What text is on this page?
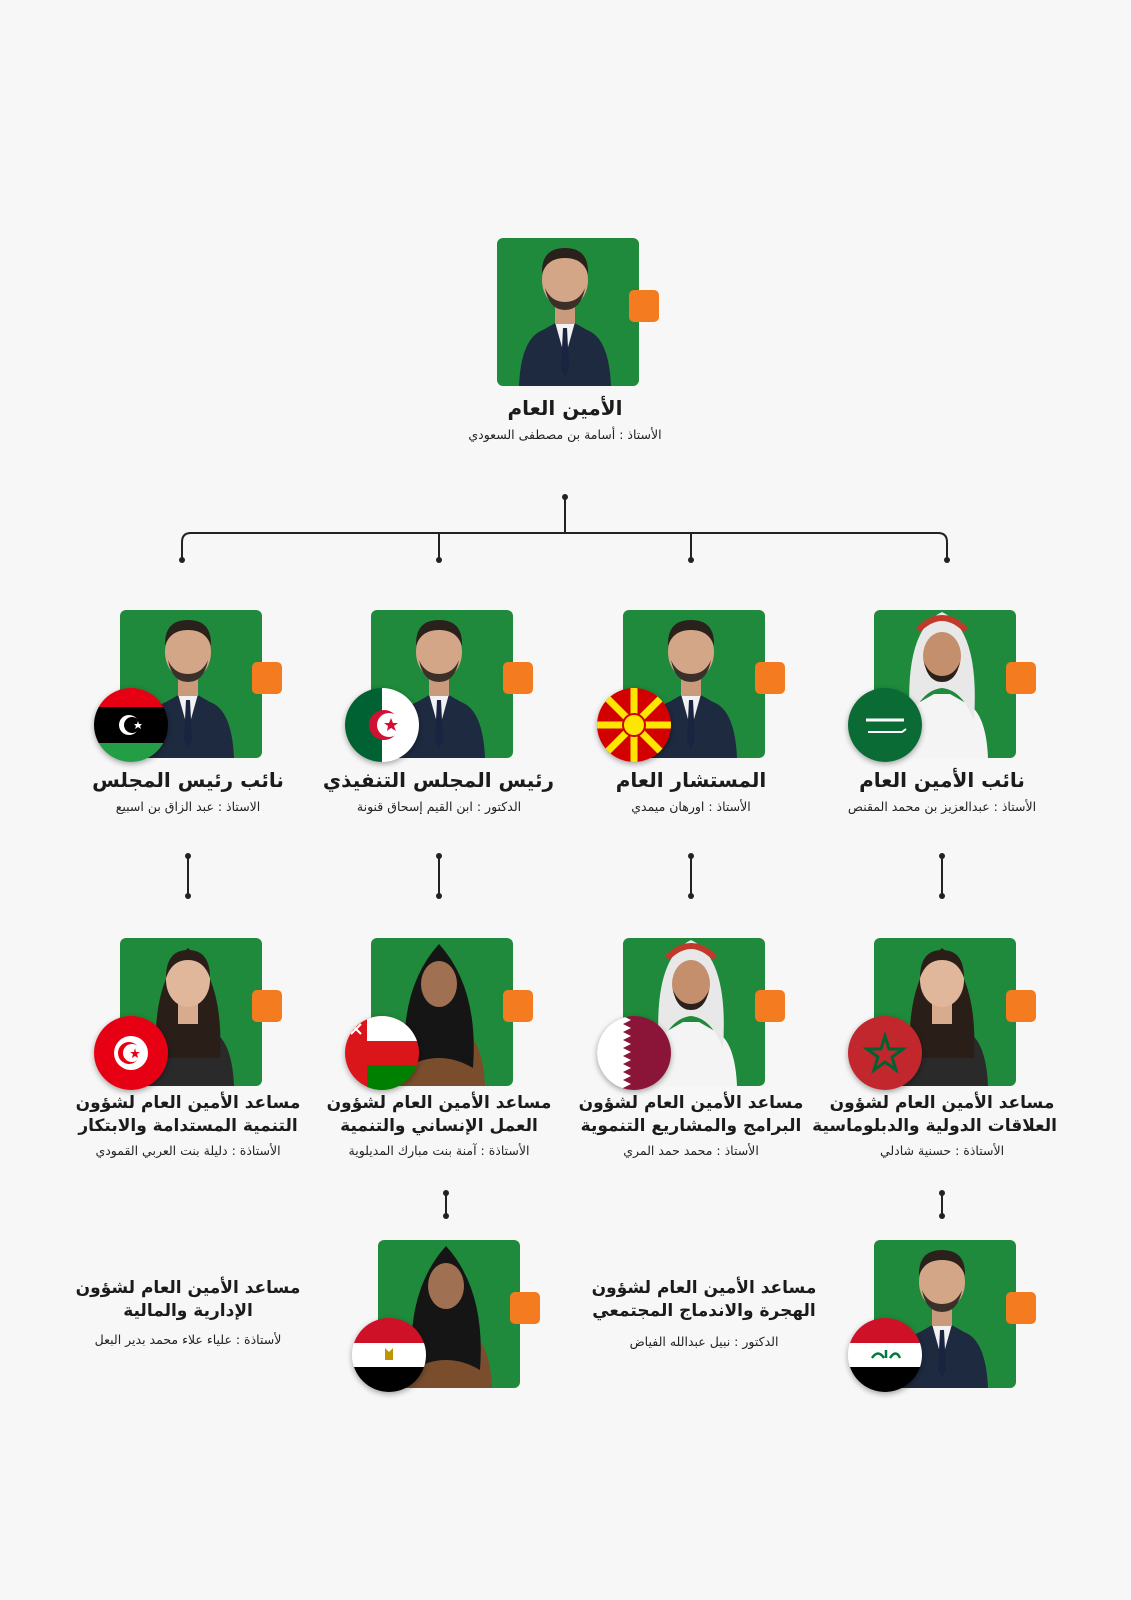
الأمين العام
الأستاذ : أسامة بن مصطفى السعودي
نائب الأمين العام
الأستاذ : عبدالعزيز بن محمد المقنص
المستشار العام
الأستاذ : اورهان ميمدي
رئيس المجلس التنفيذي
الدكتور : ابن القيم إسحاق قنونة
نائب رئيس المجلس
الاستاذ : عبد الزاق بن اسبيع
مساعد الأمين العام لشؤون
العلاقات الدولية والدبلوماسية
الأستاذة : حسنية شادلي
مساعد الأمين العام لشؤون
البرامج والمشاريع التنموية
الأستاذ : محمد حمد المري
مساعد الأمين العام لشؤون
العمل الإنساني والتنمية
الأستاذة : آمنة بنت مبارك المديلوية
مساعد الأمين العام لشؤون
التنمية المستدامة والابتكار
الأستاذة : دليلة بنت العربي القمودي
مساعد الأمين العام لشؤون
الهجرة والاندماج المجتمعي
الدكتور : نبيل عبدالله الفياض
مساعد الأمين العام لشؤون
الإدارية والمالية
لأستاذة : علياء علاء محمد بدير البعل
